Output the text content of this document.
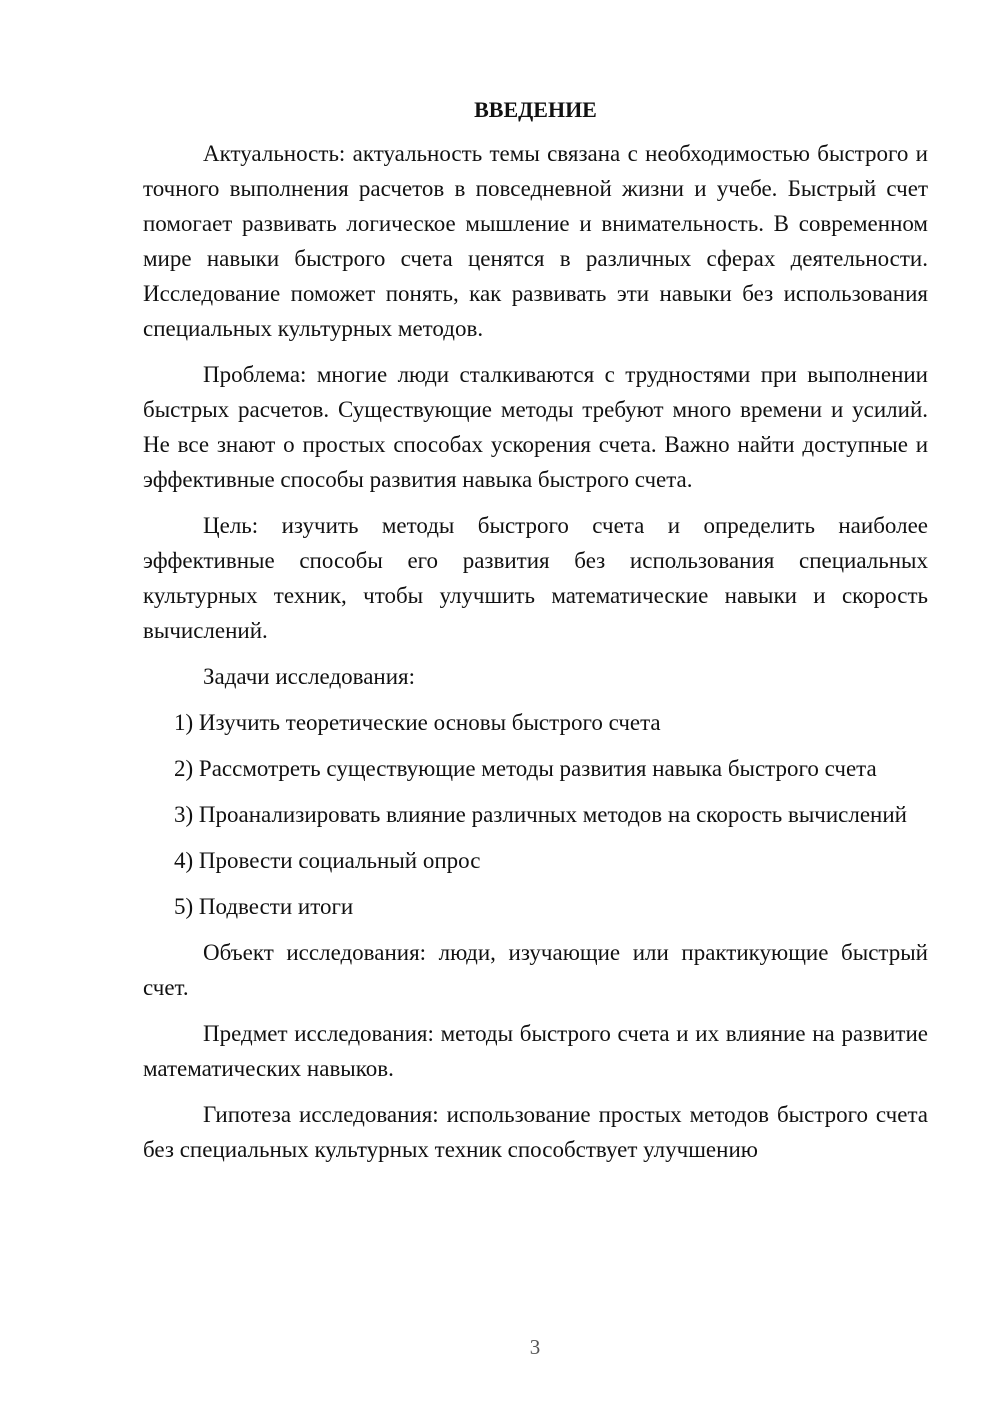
ВВЕДЕНИЕ

Актуальность: актуальность темы связана с необходимостью быстрого и точного выполнения расчетов в повседневной жизни и учебе. Быстрый счет помогает развивать логическое мышление и внимательность. В современном мире навыки быстрого счета ценятся в различных сферах деятельности. Исследование поможет понять, как развивать эти навыки без использования специальных культурных методов.

Проблема: многие люди сталкиваются с трудностями при выполнении быстрых расчетов. Существующие методы требуют много времени и усилий. Не все знают о простых способах ускорения счета. Важно найти доступные и эффективные способы развития навыка быстрого счета.

Цель: изучить методы быстрого счета и определить наиболее эффективные способы его развития без использования специальных культурных техник, чтобы улучшить математические навыки и скорость вычислений.

Задачи исследования:

1) Изучить теоретические основы быстрого счета

2) Рассмотреть существующие методы развития навыка быстрого счета

3) Проанализировать влияние различных методов на скорость вычислений

4) Провести социальный опрос

5) Подвести итоги

Объект исследования: люди, изучающие или практикующие быстрый счет.

Предмет исследования: методы быстрого счета и их влияние на развитие математических навыков.

Гипотеза исследования: использование простых методов быстрого счета без специальных культурных техник способствует улучшению

3
